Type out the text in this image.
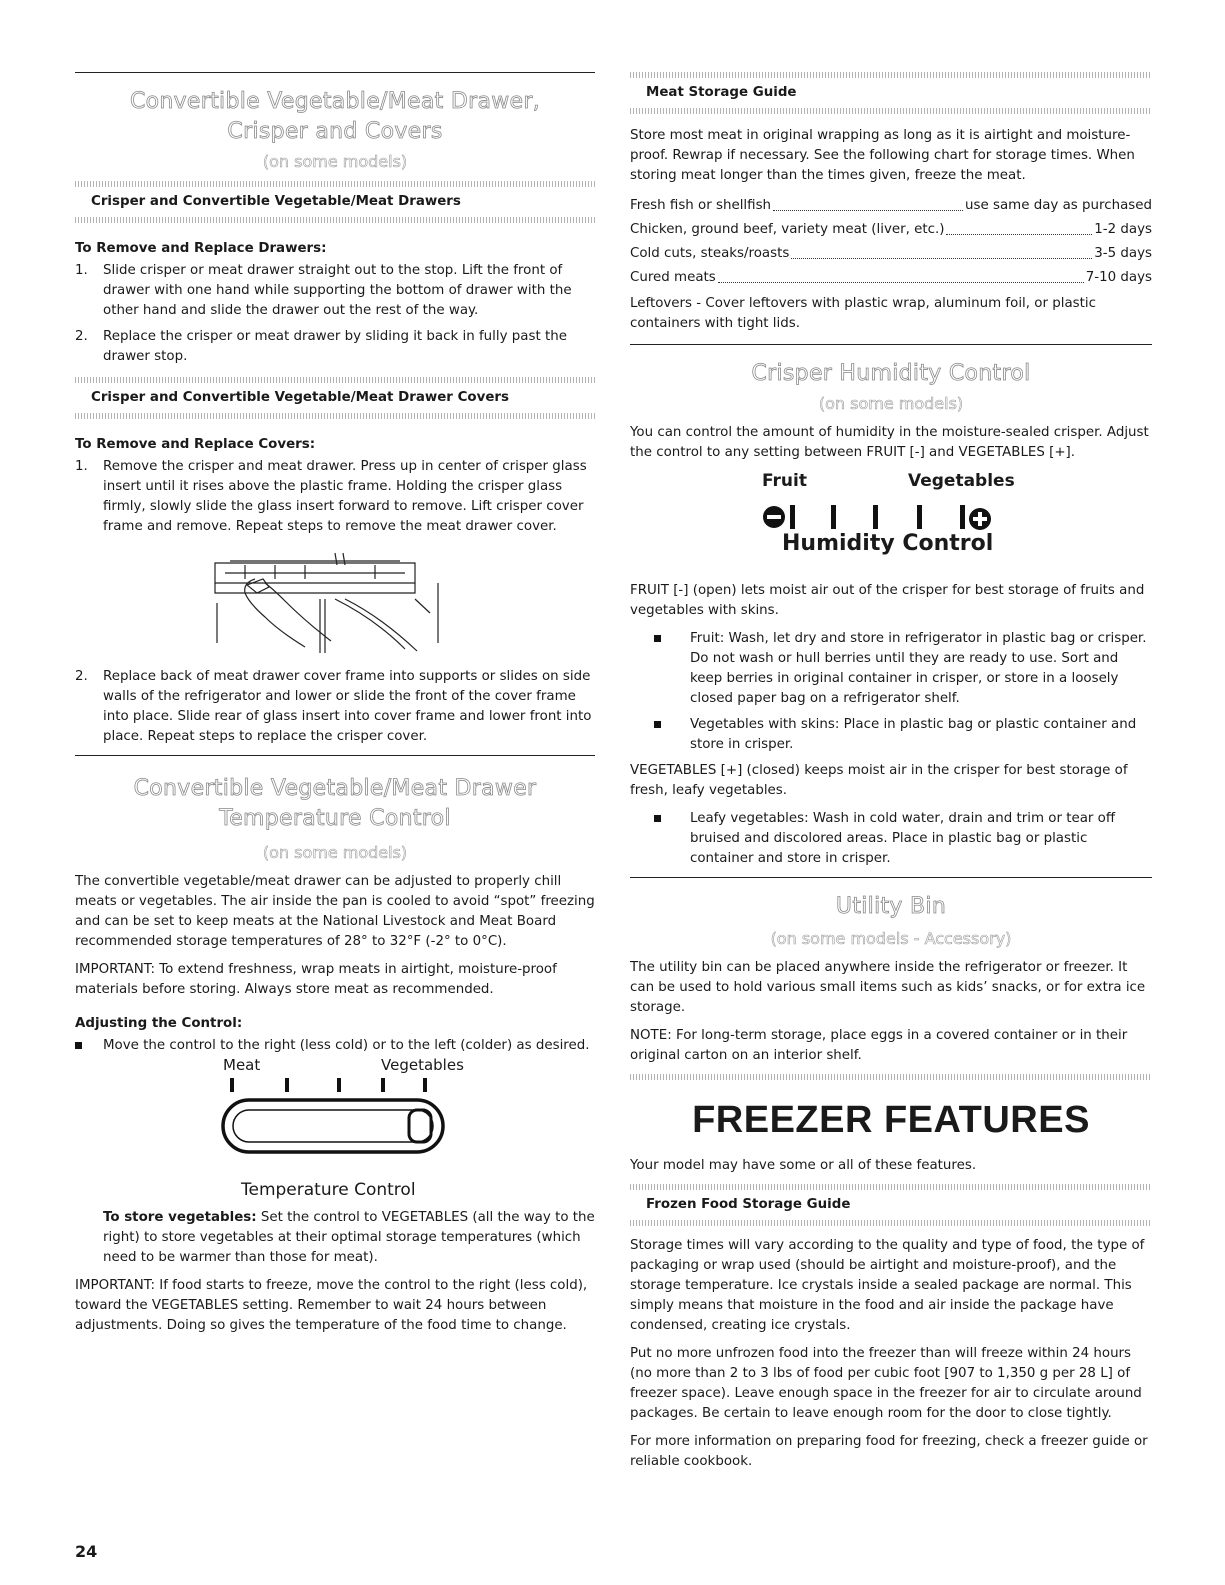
Convertible Vegetable/Meat Drawer,
Crisper and Covers
(on some models)
Crisper and Convertible Vegetable/Meat Drawers
To Remove and Replace Drawers:
1. Slide crisper or meat drawer straight out to the stop. Lift the front of drawer with one hand while supporting the bottom of drawer with the other hand and slide the drawer out the rest of the way.
2. Replace the crisper or meat drawer by sliding it back in fully past the drawer stop.
Crisper and Convertible Vegetable/Meat Drawer Covers
To Remove and Replace Covers:
1. Remove the crisper and meat drawer. Press up in center of crisper glass insert until it rises above the plastic frame. Holding the crisper glass firmly, slowly slide the glass insert forward to remove. Lift crisper cover frame and remove. Repeat steps to remove the meat drawer cover.
2. Replace back of meat drawer cover frame into supports or slides on side walls of the refrigerator and lower or slide the front of the cover frame into place. Slide rear of glass insert into cover frame and lower front into place. Repeat steps to replace the crisper cover.
Convertible Vegetable/Meat Drawer
Temperature Control
(on some models)

The convertible vegetable/meat drawer can be adjusted to properly chill meats or vegetables. The air inside the pan is cooled to avoid “spot” freezing and can be set to keep meats at the National Livestock and Meat Board recommended storage temperatures of 28° to 32°F (-2° to 0°C).

IMPORTANT: To extend freshness, wrap meats in airtight, moisture-proof materials before storing. Always store meat as recommended.

Adjusting the Control:
Move the control to the right (less cold) or to the left (colder) as desired.
Meat	Vegetables
Temperature Control

To store vegetables: Set the control to VEGETABLES (all the way to the right) to store vegetables at their optimal storage temperatures (which need to be warmer than those for meat).

IMPORTANT: If food starts to freeze, move the control to the right (less cold), toward the VEGETABLES setting. Remember to wait 24 hours between adjustments. Doing so gives the temperature of the food time to change.

Meat Storage Guide

Store most meat in original wrapping as long as it is airtight and moisture-proof. Rewrap if necessary. See the following chart for storage times. When storing meat longer than the times given, freeze the meat.

Fresh fish or shellfish	use same day as purchased
Chicken, ground beef, variety meat (liver, etc.)	1-2 days
Cold cuts, steaks/roasts	3-5 days
Cured meats	7-10 days

Leftovers - Cover leftovers with plastic wrap, aluminum foil, or plastic containers with tight lids.

Crisper Humidity Control
(on some models)

You can control the amount of humidity in the moisture-sealed crisper. Adjust the control to any setting between FRUIT [-] and VEGETABLES [+].

Fruit	Vegetables
Humidity Control

FRUIT [-] (open) lets moist air out of the crisper for best storage of fruits and vegetables with skins.

Fruit: Wash, let dry and store in refrigerator in plastic bag or crisper. Do not wash or hull berries until they are ready to use. Sort and keep berries in original container in crisper, or store in a loosely closed paper bag on a refrigerator shelf.
Vegetables with skins: Place in plastic bag or plastic container and store in crisper.

VEGETABLES [+] (closed) keeps moist air in the crisper for best storage of fresh, leafy vegetables.

Leafy vegetables: Wash in cold water, drain and trim or tear off bruised and discolored areas. Place in plastic bag or plastic container and store in crisper.
Utility Bin
(on some models - Accessory)

The utility bin can be placed anywhere inside the refrigerator or freezer. It can be used to hold various small items such as kids’ snacks, or for extra ice storage.

NOTE: For long-term storage, place eggs in a covered container or in their original carton on an interior shelf.

FREEZER FEATURES

Your model may have some or all of these features.

Frozen Food Storage Guide

Storage times will vary according to the quality and type of food, the type of packaging or wrap used (should be airtight and moisture-proof), and the storage temperature. Ice crystals inside a sealed package are normal. This simply means that moisture in the food and air inside the package have condensed, creating ice crystals.

Put no more unfrozen food into the freezer than will freeze within 24 hours (no more than 2 to 3 lbs of food per cubic foot [907 to 1,350 g per 28 L] of freezer space). Leave enough space in the freezer for air to circulate around packages. Be certain to leave enough room for the door to close tightly.

For more information on preparing food for freezing, check a freezer guide or reliable cookbook.

24
